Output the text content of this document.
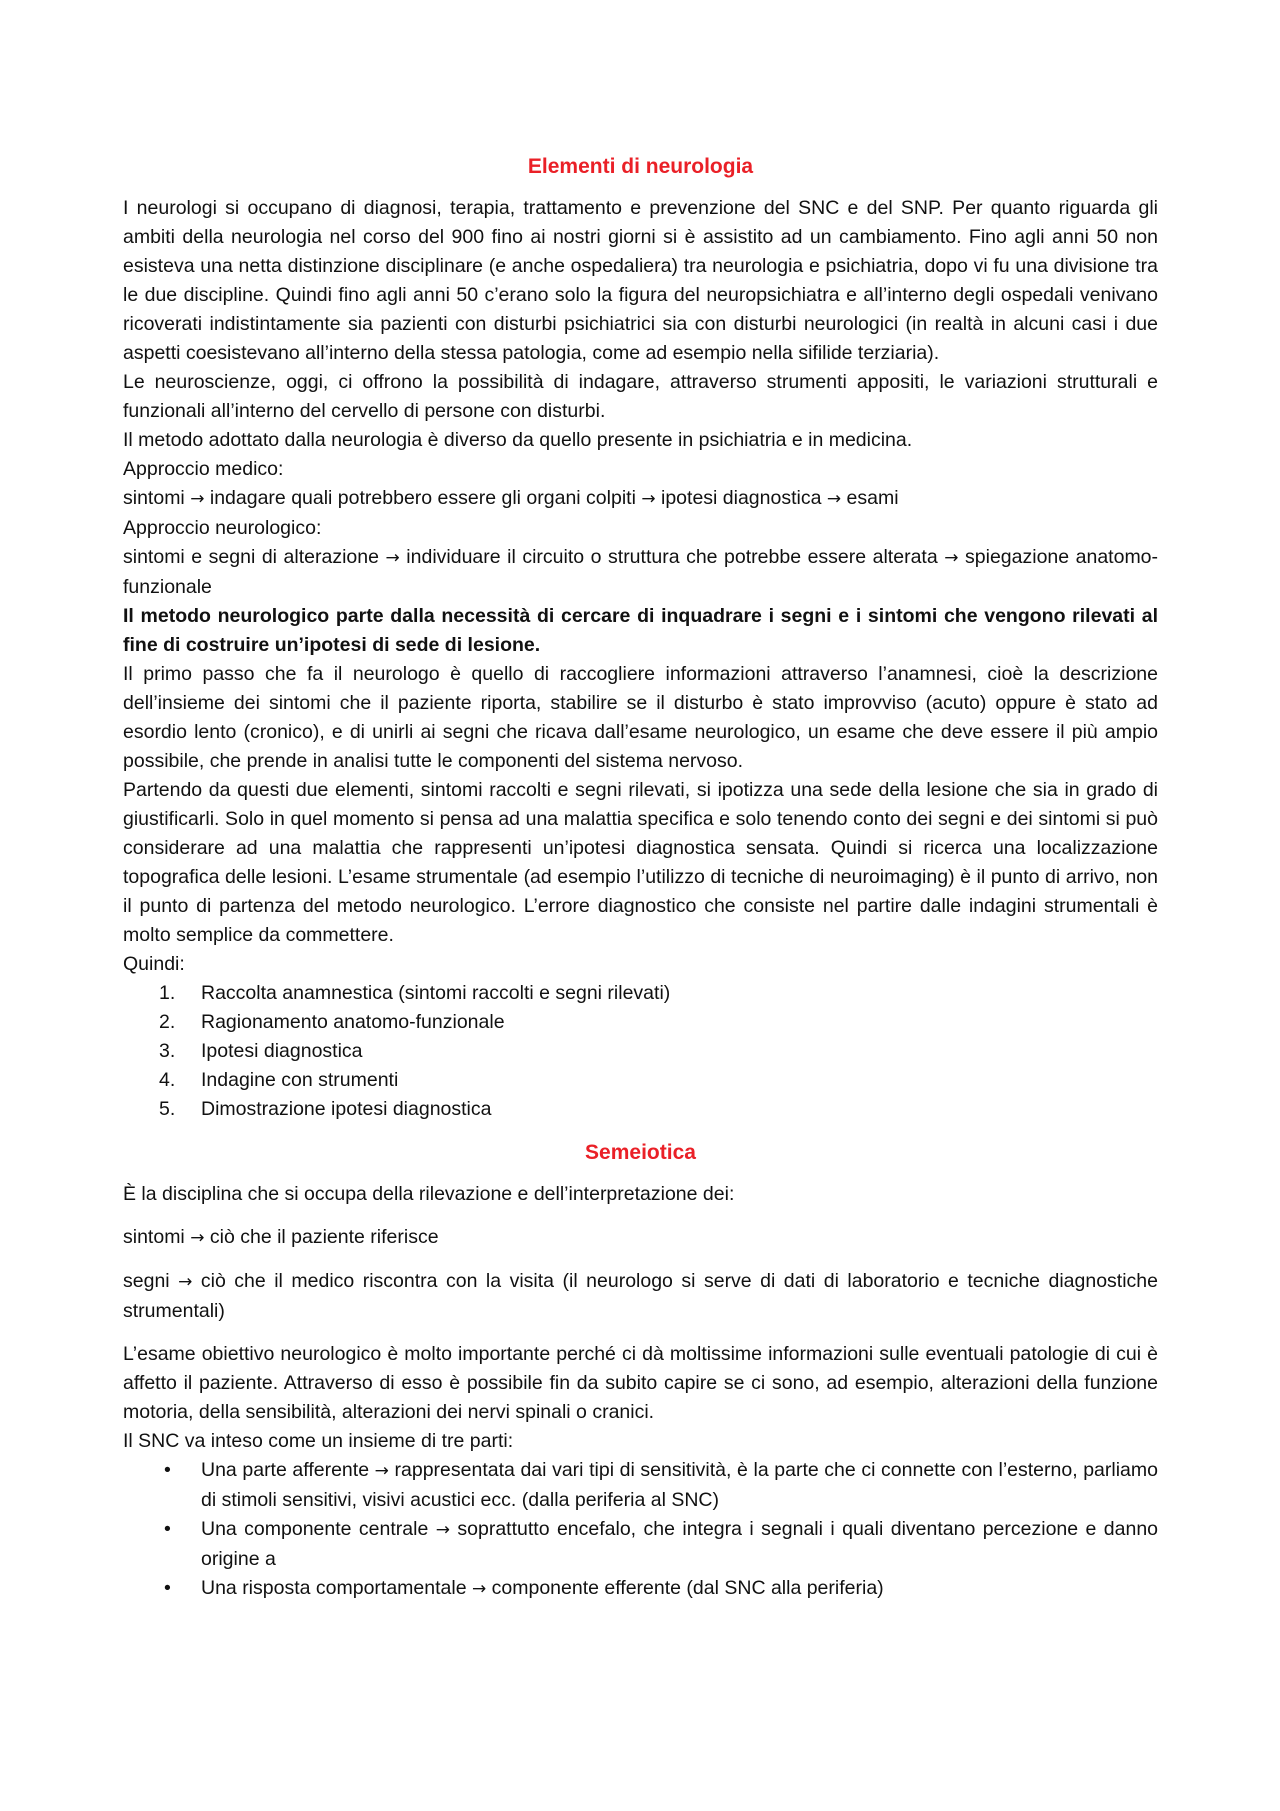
Elementi di neurologia

I neurologi si occupano di diagnosi, terapia, trattamento e prevenzione del SNC e del SNP. Per quanto riguarda gli ambiti della neurologia nel corso del 900 fino ai nostri giorni si è assistito ad un cambiamento. Fino agli anni 50 non esisteva una netta distinzione disciplinare (e anche ospedaliera) tra neurologia e psichiatria, dopo vi fu una divisione tra le due discipline. Quindi fino agli anni 50 c’erano solo la figura del neuropsichiatra e all’interno degli ospedali venivano ricoverati indistintamente sia pazienti con disturbi psichiatrici sia con disturbi neurologici (in realtà in alcuni casi i due aspetti coesistevano all’interno della stessa patologia, come ad esempio nella sifilide terziaria).

Le neuroscienze, oggi, ci offrono la possibilità di indagare, attraverso strumenti appositi, le variazioni strutturali e funzionali all’interno del cervello di persone con disturbi.

Il metodo adottato dalla neurologia è diverso da quello presente in psichiatria e in medicina.

Approccio medico:

sintomi → indagare quali potrebbero essere gli organi colpiti → ipotesi diagnostica → esami

Approccio neurologico:

sintomi e segni di alterazione → individuare il circuito o struttura che potrebbe essere alterata → spiegazione anatomo-funzionale

Il metodo neurologico parte dalla necessità di cercare di inquadrare i segni e i sintomi che vengono rilevati al fine di costruire un’ipotesi di sede di lesione.

Il primo passo che fa il neurologo è quello di raccogliere informazioni attraverso l’anamnesi, cioè la descrizione dell’insieme dei sintomi che il paziente riporta, stabilire se il disturbo è stato improvviso (acuto) oppure è stato ad esordio lento (cronico), e di unirli ai segni che ricava dall’esame neurologico, un esame che deve essere il più ampio possibile, che prende in analisi tutte le componenti del sistema nervoso.

Partendo da questi due elementi, sintomi raccolti e segni rilevati, si ipotizza una sede della lesione che sia in grado di giustificarli. Solo in quel momento si pensa ad una malattia specifica e solo tenendo conto dei segni e dei sintomi si può considerare ad una malattia che rappresenti un’ipotesi diagnostica sensata. Quindi si ricerca una localizzazione topografica delle lesioni. L’esame strumentale (ad esempio l’utilizzo di tecniche di neuroimaging) è il punto di arrivo, non il punto di partenza del metodo neurologico. L’errore diagnostico che consiste nel partire dalle indagini strumentali è molto semplice da commettere.

Quindi:

1.	Raccolta anamnestica (sintomi raccolti e segni rilevati)
2.	Ragionamento anatomo-funzionale
3.	Ipotesi diagnostica
4.	Indagine con strumenti
5.	Dimostrazione ipotesi diagnostica
Semeiotica

È la disciplina che si occupa della rilevazione e dell’interpretazione dei:

sintomi → ciò che il paziente riferisce

segni → ciò che il medico riscontra con la visita (il neurologo si serve di dati di laboratorio e tecniche diagnostiche strumentali)

L’esame obiettivo neurologico è molto importante perché ci dà moltissime informazioni sulle eventuali patologie di cui è affetto il paziente. Attraverso di esso è possibile fin da subito capire se ci sono, ad esempio, alterazioni della funzione motoria, della sensibilità, alterazioni dei nervi spinali o cranici.

Il SNC va inteso come un insieme di tre parti:

• Una parte afferente → rappresentata dai vari tipi di sensitività, è la parte che ci connette con l’esterno, parliamo di stimoli sensitivi, visivi acustici ecc. (dalla periferia al SNC)
• Una componente centrale → soprattutto encefalo, che integra i segnali i quali diventano percezione e danno origine a
• Una risposta comportamentale → componente efferente (dal SNC alla periferia)
